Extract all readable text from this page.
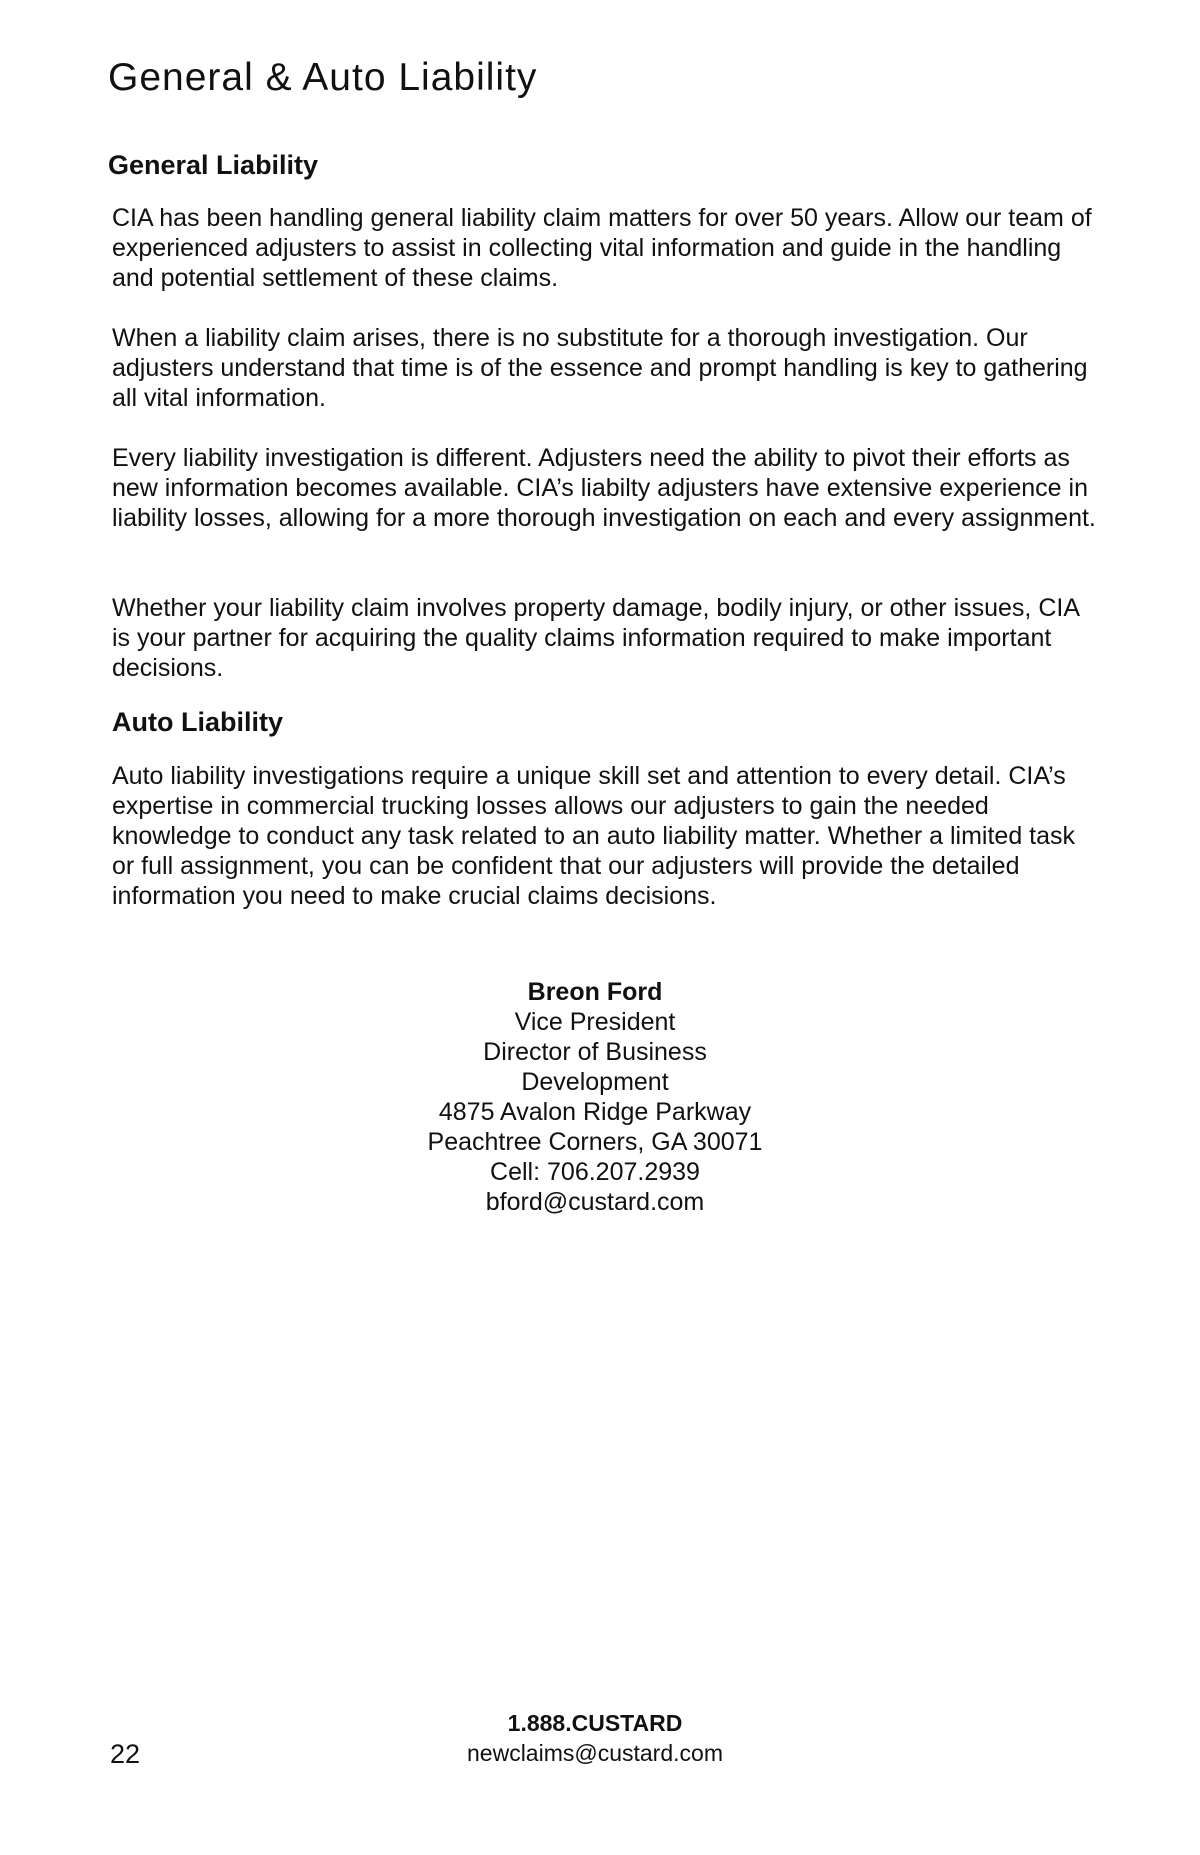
General & Auto Liability
General Liability

CIA has been handling general liability claim matters for over 50 years. Allow our team of experienced adjusters to assist in collecting vital information and guide in the handling and potential settlement of these claims.

When a liability claim arises, there is no substitute for a thorough investigation. Our adjusters understand that time is of the essence and prompt handling is key to gathering all vital information.

Every liability investigation is different. Adjusters need the ability to pivot their efforts as new information becomes available. CIA’s liabilty adjusters have extensive experience in liability losses, allowing for a more thorough investigation on each and every assignment.

Whether your liability claim involves property damage, bodily injury, or other issues, CIA is your partner for acquiring the quality claims information required to make important decisions.

Auto Liability

Auto liability investigations require a unique skill set and attention to every detail. CIA’s expertise in commercial trucking losses allows our adjusters to gain the needed knowledge to conduct any task related to an auto liability matter. Whether a limited task or full assignment, you can be confident that our adjusters will provide the detailed information you need to make crucial claims decisions.

Breon Ford
Vice President
Director of Business
Development
4875 Avalon Ridge Parkway
Peachtree Corners, GA 30071
Cell: 706.207.2939
bford@custard.com
22
1.888.CUSTARD
newclaims@custard.com
